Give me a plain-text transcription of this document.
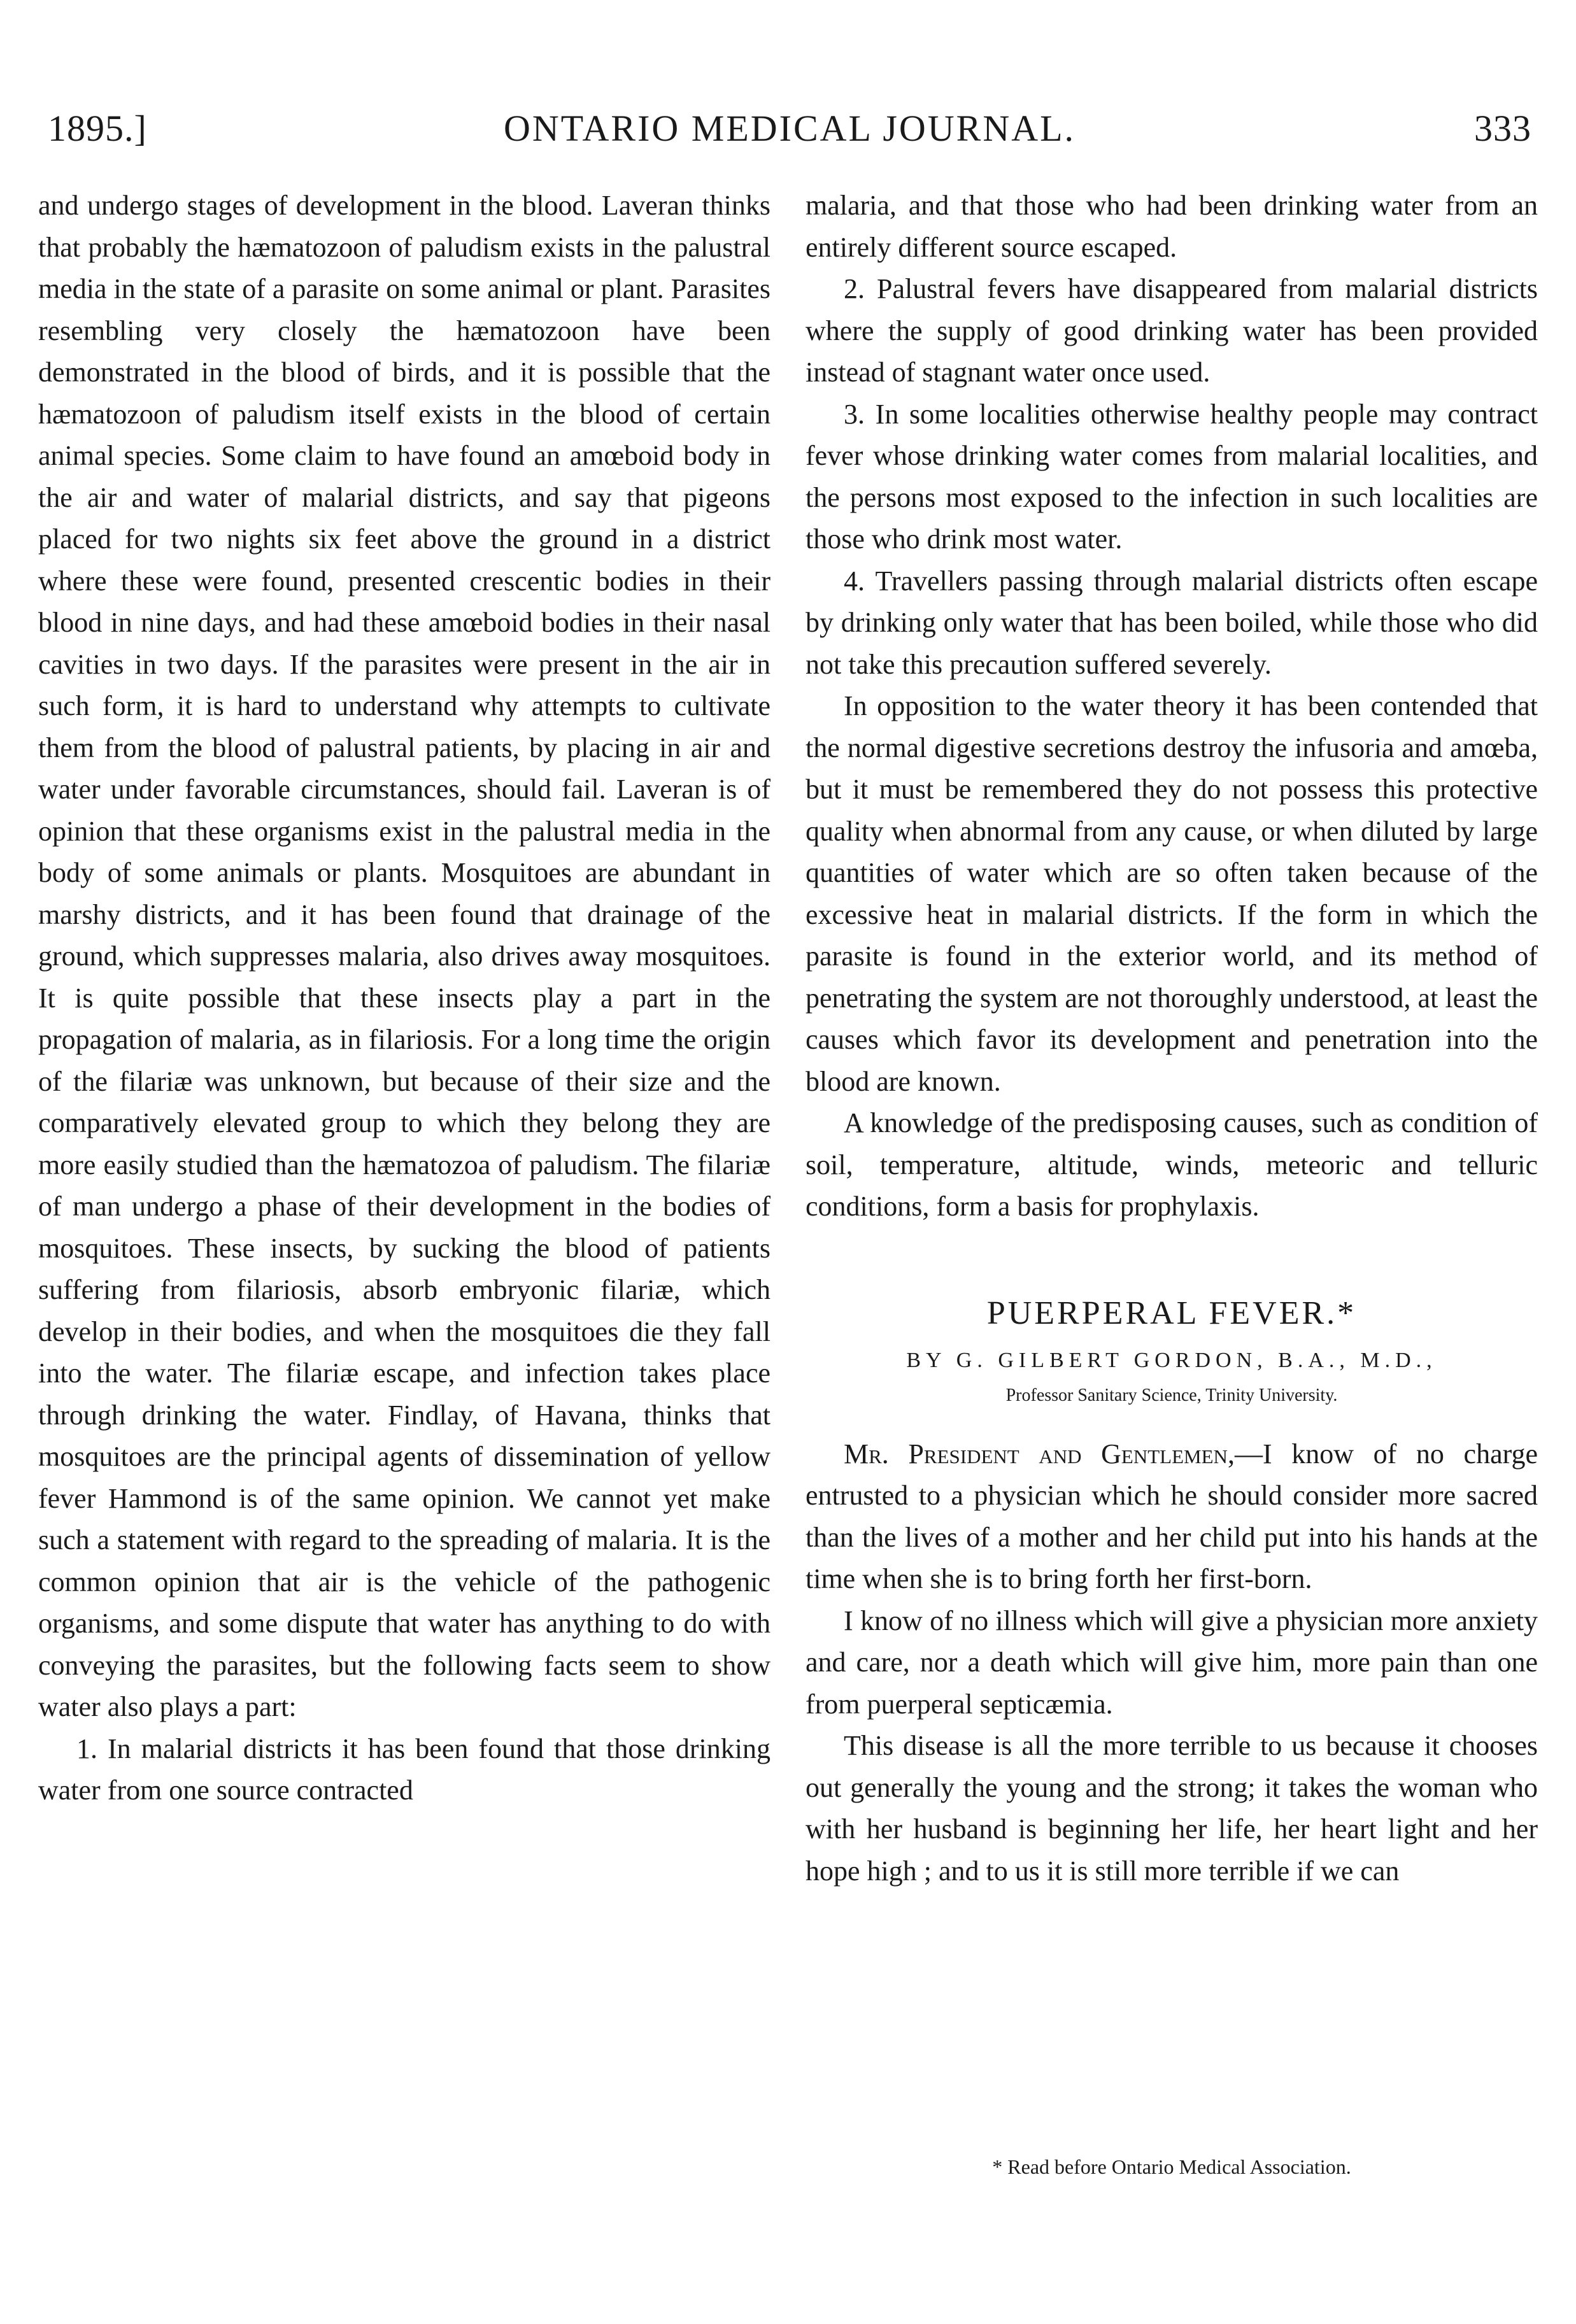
1895.]	ONTARIO MEDICAL JOURNAL.	333

and undergo stages of development in the blood. Laveran thinks that probably the hæmatozoon of paludism exists in the palustral media in the state of a parasite on some animal or plant. Parasites resembling very closely the hæmatozoon have been demonstrated in the blood of birds, and it is possible that the hæmatozoon of paludism itself exists in the blood of certain animal species. Some claim to have found an amœboid body in the air and water of malarial districts, and say that pigeons placed for two nights six feet above the ground in a district where these were found, presented crescentic bodies in their blood in nine days, and had these amœboid bodies in their nasal cavities in two days. If the parasites were present in the air in such form, it is hard to understand why attempts to cultivate them from the blood of palustral patients, by placing in air and water under favorable circumstances, should fail. Laveran is of opinion that these organisms exist in the palustral media in the body of some animals or plants. Mosquitoes are abundant in marshy districts, and it has been found that drainage of the ground, which suppresses malaria, also drives away mosquitoes. It is quite possible that these insects play a part in the propagation of malaria, as in filariosis. For a long time the origin of the filariæ was unknown, but because of their size and the comparatively elevated group to which they belong they are more easily studied than the hæmatozoa of paludism. The filariæ of man undergo a phase of their development in the bodies of mosquitoes. These insects, by sucking the blood of patients suffering from filariosis, absorb embryonic filariæ, which develop in their bodies, and when the mosquitoes die they fall into the water. The filariæ escape, and infection takes place through drinking the water. Findlay, of Havana, thinks that mosquitoes are the principal agents of dissemination of yellow fever Hammond is of the same opinion. We cannot yet make such a statement with regard to the spreading of malaria. It is the common opinion that air is the vehicle of the pathogenic organisms, and some dispute that water has anything to do with conveying the parasites, but the following facts seem to show water also plays a part:

1. In malarial districts it has been found that those drinking water from one source contracted

malaria, and that those who had been drinking water from an entirely different source escaped.

2. Palustral fevers have disappeared from malarial districts where the supply of good drinking water has been provided instead of stagnant water once used.

3. In some localities otherwise healthy people may contract fever whose drinking water comes from malarial localities, and the persons most exposed to the infection in such localities are those who drink most water.

4. Travellers passing through malarial districts often escape by drinking only water that has been boiled, while those who did not take this precaution suffered severely.

In opposition to the water theory it has been contended that the normal digestive secretions destroy the infusoria and amœba, but it must be remembered they do not possess this protective quality when abnormal from any cause, or when diluted by large quantities of water which are so often taken because of the excessive heat in malarial districts. If the form in which the parasite is found in the exterior world, and its method of penetrating the system are not thoroughly understood, at least the causes which favor its development and penetration into the blood are known.

A knowledge of the predisposing causes, such as condition of soil, temperature, altitude, winds, meteoric and telluric conditions, form a basis for prophylaxis.

PUERPERAL FEVER.*

BY G. GILBERT GORDON, B.A., M.D.,

Professor Sanitary Science, Trinity University.

Mr. President and Gentlemen,—I know of no charge entrusted to a physician which he should consider more sacred than the lives of a mother and her child put into his hands at the time when she is to bring forth her first-born.

I know of no illness which will give a physician more anxiety and care, nor a death which will give him, more pain than one from puerperal septicæmia.

This disease is all the more terrible to us because it chooses out generally the young and the strong; it takes the woman who with her husband is beginning her life, her heart light and her hope high ; and to us it is still more terrible if we can

* Read before Ontario Medical Association.
